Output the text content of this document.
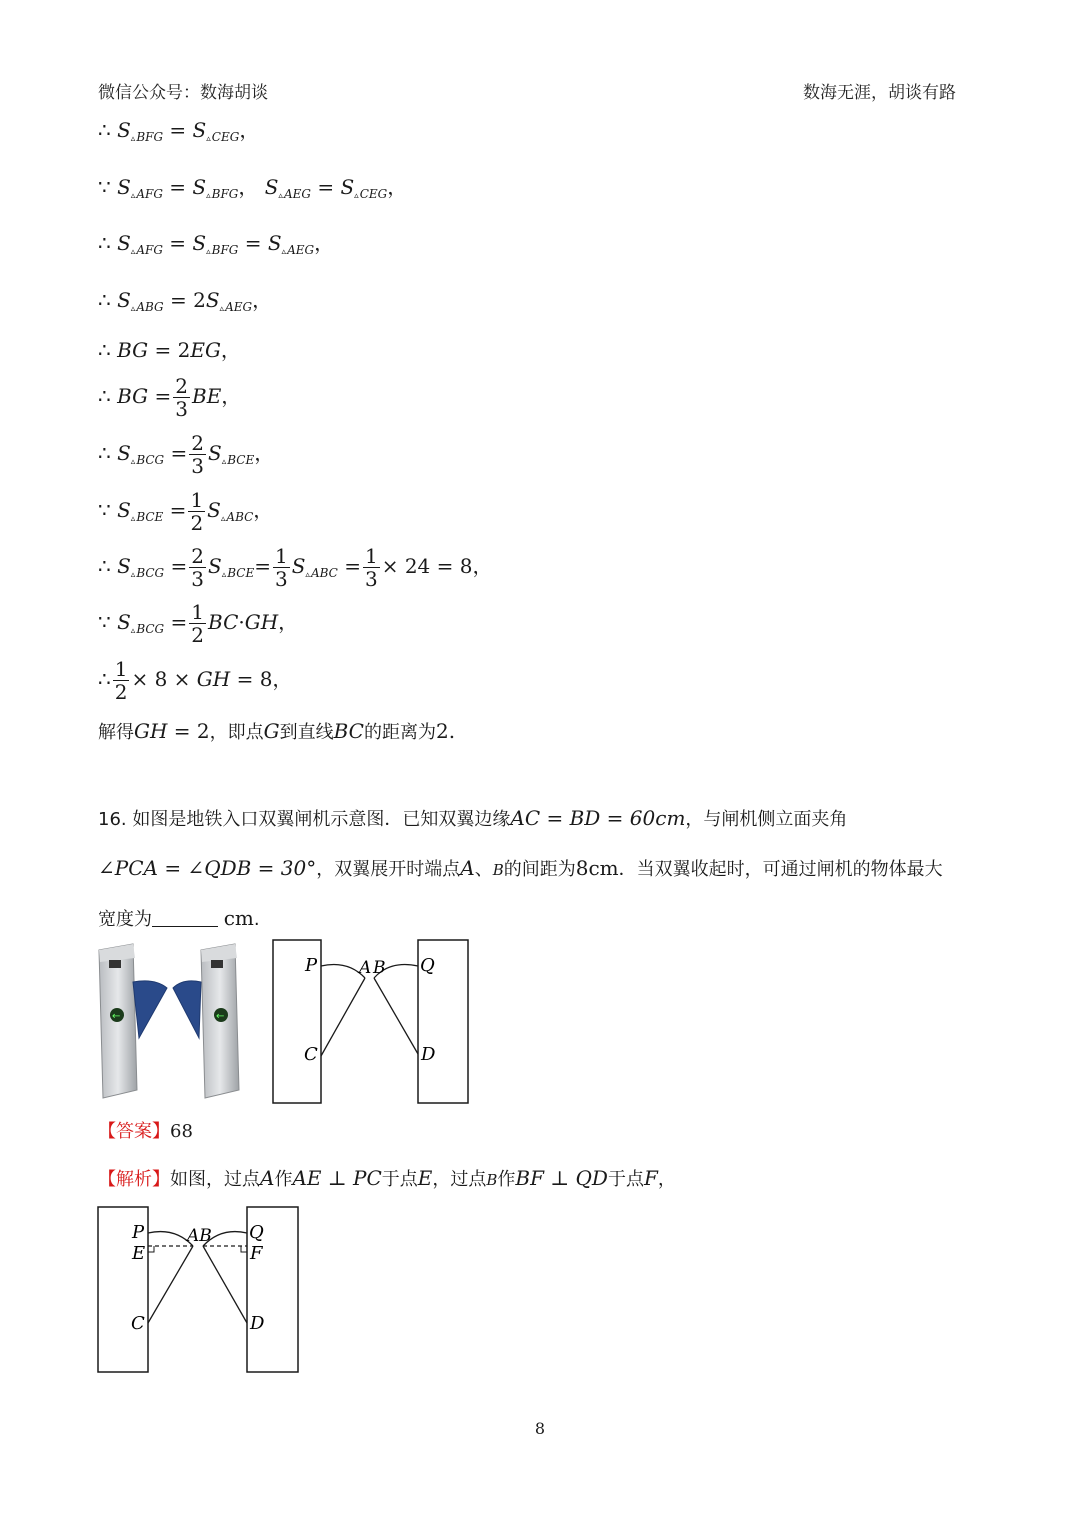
微信公众号：数海胡谈	数海无涯，胡谈有路
∴ $S_{▵BFG} = S_{▵CEG}$，
∵ $S_{▵AFG} = S_{▵BFG}$， $S_{▵AEG} = S_{▵CEG}$，
∴ $S_{▵AFG} = S_{▵BFG} = S_{▵AEG}$，
∴ $S_{▵ABG} = 2S_{▵AEG}$，
∴ BG = 2EG，
∴ BG = $\frac{2}{3}$ BE，
∴ $S_{▵BCG} = \frac{2}{3} S_{▵BCE}$，
∵ $S_{▵BCE} = \frac{1}{2} S_{▵ABC}$，
∴ $S_{▵BCG} = \frac{2}{3} S_{▵BCE}= \frac{1}{3} S_{▵ABC} = \frac{1}{3} \times 24 = 8$，
∵ $S_{▵BCG} = \frac{1}{2} BC\cdot GH$，
∴ $\frac{1}{2} \times 8$ × GH = 8，
解得GH = 2，即点G到直线BC的距离为2.
16. 如图是地铁入口双翼闸机示意图．已知双翼边缘AC = BD = 60cm，与闸机侧立面夹角
∠PCA = ∠QDB = 30°，双翼展开时端点A、B的间距为8cm．当双翼收起时，可通过闸机的物体最大
宽度为	cm.
←	←
P A B Q
C	D
【答案】68
【解析】如图，过点A作AE ⊥ PC于点E，过点B作BF ⊥ QD于点F，
P
E
AB Q
F
C	D
8
